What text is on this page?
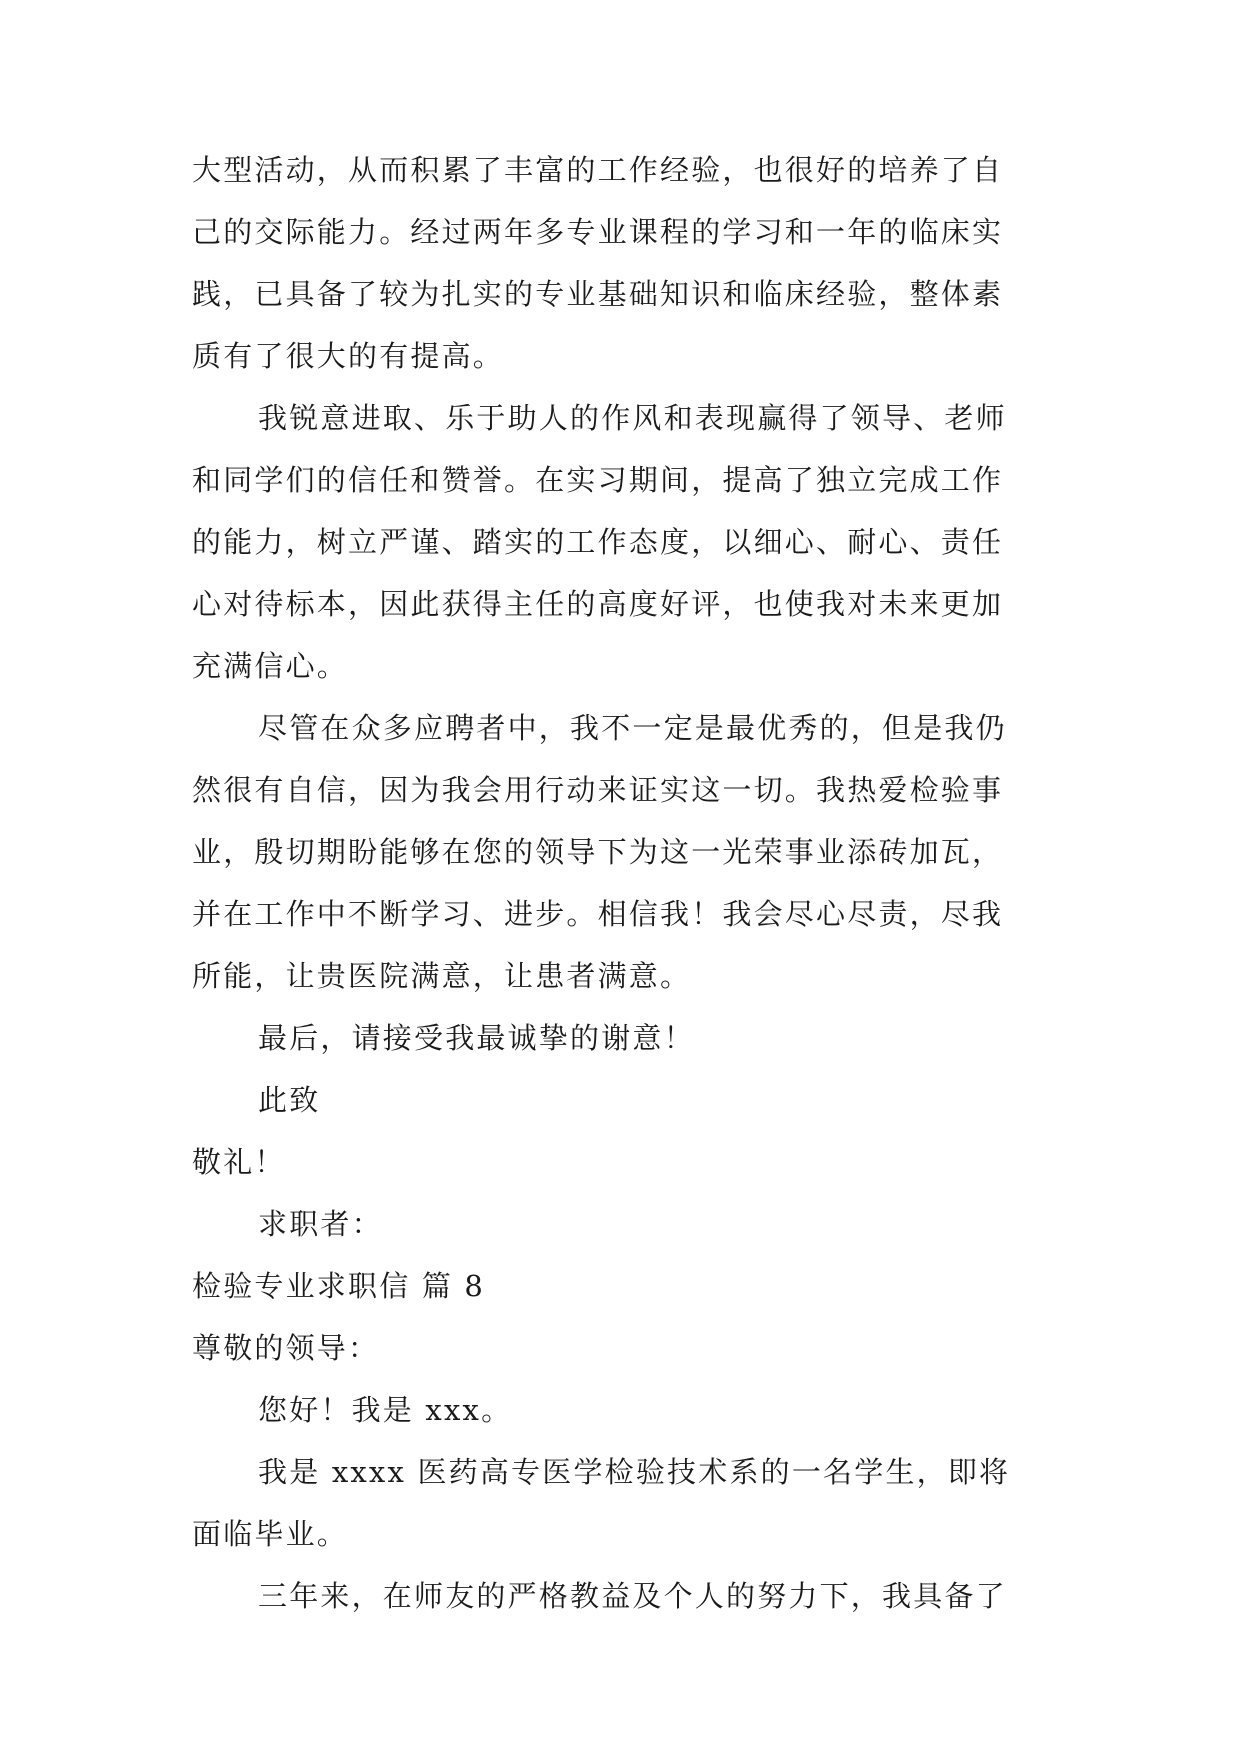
大型活动，从而积累了丰富的工作经验，也很好的培养了自
己的交际能力。经过两年多专业课程的学习和一年的临床实
践，已具备了较为扎实的专业基础知识和临床经验，整体素
质有了很大的有提高。
我锐意进取、乐于助人的作风和表现赢得了领导、老师
和同学们的信任和赞誉。在实习期间，提高了独立完成工作
的能力，树立严谨、踏实的工作态度，以细心、耐心、责任
心对待标本，因此获得主任的高度好评，也使我对未来更加
充满信心。
尽管在众多应聘者中，我不一定是最优秀的，但是我仍
然很有自信，因为我会用行动来证实这一切。我热爱检验事
业，殷切期盼能够在您的领导下为这一光荣事业添砖加瓦，
并在工作中不断学习、进步。相信我！我会尽心尽责，尽我
所能，让贵医院满意，让患者满意。
最后，请接受我最诚挚的谢意！
此致
敬礼！
求职者：
检验专业求职信 篇 8
尊敬的领导：
您好！我是 xxx。
我是 xxxx 医药高专医学检验技术系的一名学生，即将
面临毕业。
三年来，在师友的严格教益及个人的努力下，我具备了
